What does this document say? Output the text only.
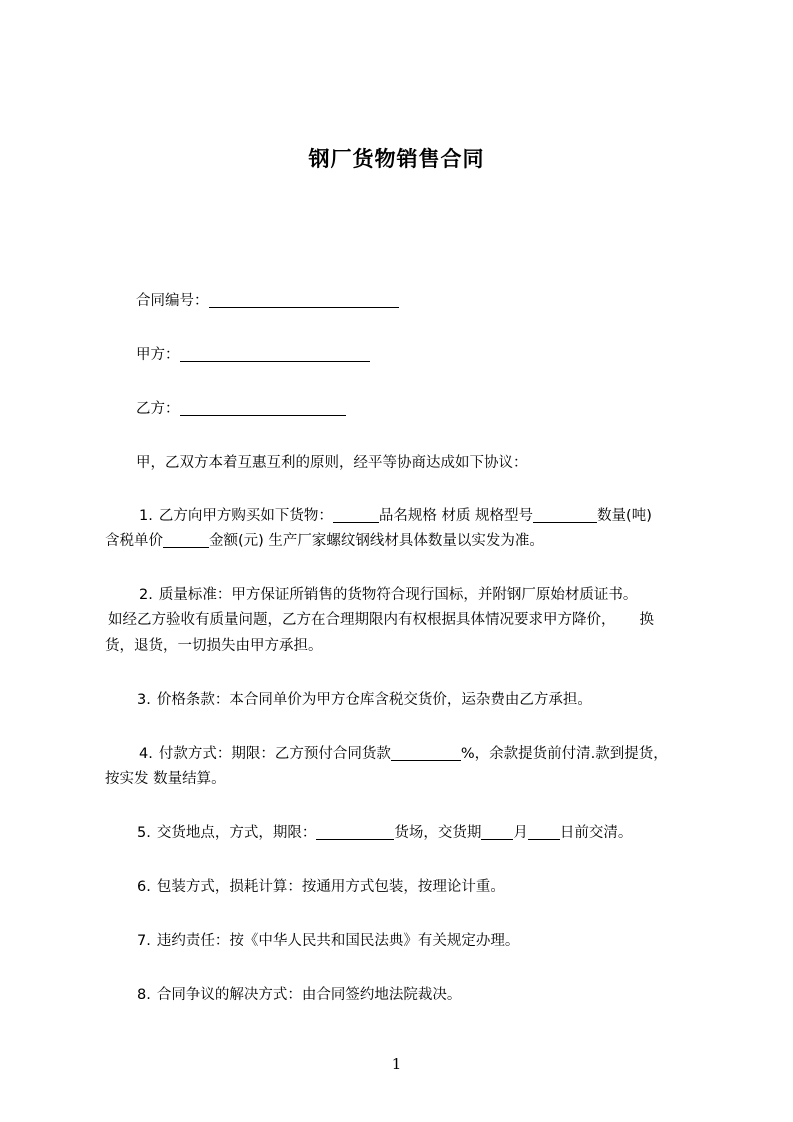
钢厂货物销售合同
合同编号：
甲方：
乙方：
甲，乙双方本着互惠互利的原则，经平等协商达成如下协议：
1. 乙方向甲方购买如下货物：	品名规格 材质 规格型号	数量(吨)
含税单价	金额(元) 生产厂家螺纹钢线材具体数量以实发为准。
2. 质量标准：甲方保证所销售的货物符合现行国标，并附钢厂原始材质证书。
如经乙方验收有质量问题，乙方在合理期限内有权根据具体情况要求甲方降价， 换
货，退货，一切损失由甲方承担。
3. 价格条款：本合同单价为甲方仓库含税交货价，运杂费由乙方承担。
4. 付款方式：期限：乙方预付合同货款	%，余款提货前付清.款到提货，
按实发 数量结算。
5. 交货地点，方式，期限：	货场，交货期 月 日前交清。
6. 包装方式，损耗计算：按通用方式包装，按理论计重。
7. 违约责任：按《中华人民共和国民法典》有关规定办理。
8. 合同争议的解决方式：由合同签约地法院裁决。
1
